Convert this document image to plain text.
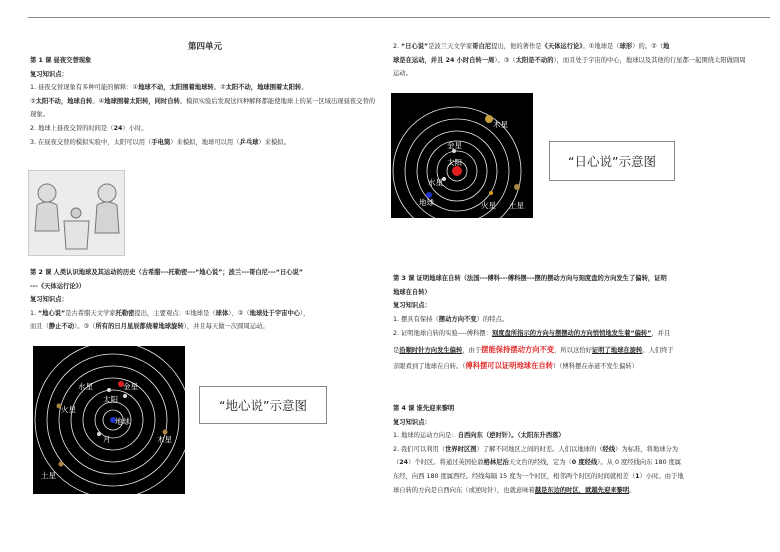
第四单元

第 1 课 昼夜交替现象

复习知识点：

1. 昼夜交替现象有多种可能的解释：①地球不动，太阳围着地球转。②太阳不动，地球围着太阳转。
③太阳不动，地球自转。④地球围着太阳转，同时自转。模拟实验后发现这四种解释都能使地球上的某一区域出现昼夜交替的现象。

2. 地球上昼夜交替的时间是（24）小时。

3. 在昼夜交替的模拟实验中，太阳可以用（手电筒）来模拟，地球可以用（乒乓球）来模拟。

第 2 课 人类认识地球及其运动的历史（古希腊---托勒密---“地心说”；波兰---哥白尼---“日心说”
---《天体运行论》）

复习知识点：

1. “地心说”是古希腊天文学家托勒密提出，主要观点：①地球是（球体）、②（地球处于宇宙中心），
而且（静止不动）。③（所有的日月星辰都绕着地球旋转），并且每天做一次圆周运动。

水星	金星
太阳
地球
月
火星
木星
土星
“地心说”示意图

2. “日心说”是波兰天文学家哥白尼提出，他的著作是《天体运行论》。①地球是（球形）的。②（地
球是在运动，并且 24 小时自转一周）。③（太阳是不动的），而且处于宇宙的中心，地球以及其他的行星都一起围绕太阳做圆周运动。

木星
金星
太阳
水星
地球	火星 土星
“日心说”示意图

第 3 课 证明地球在自转（法国---傅科---傅科摆---摆的摆动方向与刻度盘的方向发生了偏转，证明
地球在自转）

复习知识点：

1. 摆具有保持（摆动方向不变）的特点。

2. 证明地球自转的实验----傅科摆：刻度盘所指示的方向与摆摆动的方向悄悄地发生着“偏转”，并且
是沿顺时针方向发生偏转，由于摆能保持摆动方向不变，所以这恰好证明了地球在旋转。人们终于
亲眼看到了地球在自转。（傅科摆可以证明地球在自转）（傅科摆在赤道不发生偏转）

第 4 课 谁先迎来黎明

复习知识点：

1. 地球的运动方向是：自西向东（逆时针）。（太阳东升西落）

2. 我们可以利用（世界时区图）了解不同地区之间的时差。人们以地球的（经线）为标准，将地球分为
（24）个时区。将通过英国伦敦格林尼治天文台的经线，定为（0 度经线）。从 0 度经线向东 180 度属
东经，向西 180 度属西经。经线每隔 15 度为一个时区，相邻两个时区的时间就相差（1）小时。由于地
球自转的方向是自西向东（或逆时针），也就意味着越是东边的时区，就越先迎来黎明。
